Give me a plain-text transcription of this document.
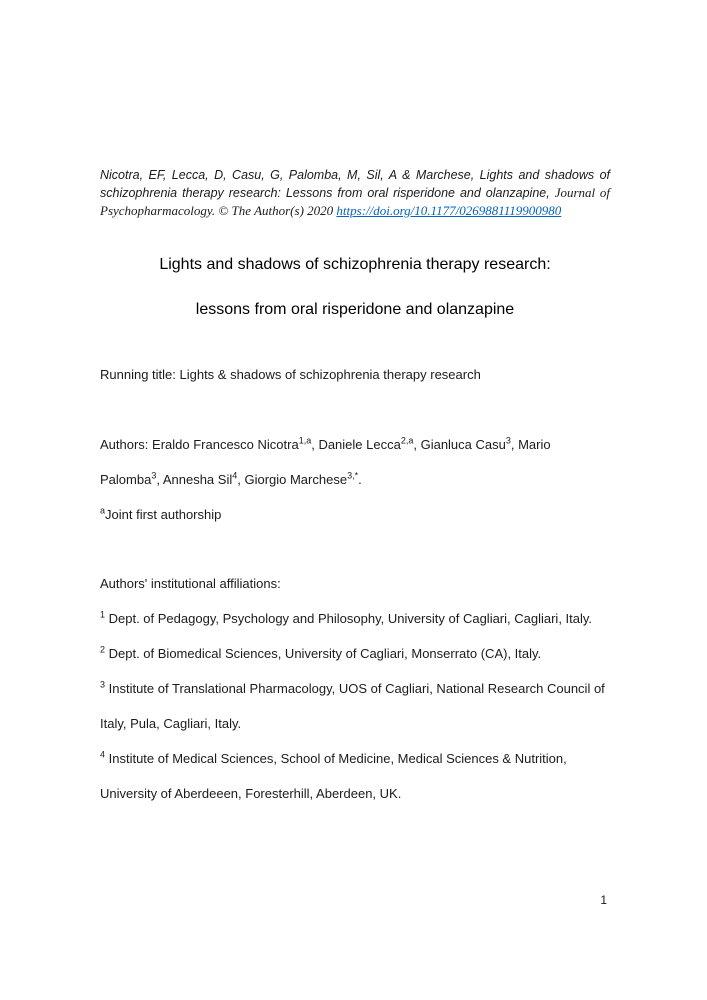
Nicotra, EF, Lecca, D, Casu, G, Palomba, M, Sil, A & Marchese, Lights and shadows of schizophrenia therapy research: Lessons from oral risperidone and olanzapine, Journal of Psychopharmacology. © The Author(s) 2020 https://doi.org/10.1177/0269881119900980
Lights and shadows of schizophrenia therapy research:
lessons from oral risperidone and olanzapine

Running title: Lights & shadows of schizophrenia therapy research

Authors: Eraldo Francesco Nicotra$^{1,a}$, Daniele Lecca$^{2,a}$, Gianluca Casu$^3$, Mario Palomba$^3$, Annesha Sil$^4$, Giorgio Marchese$^{3,*}$.

$^a$Joint first authorship

Authors' institutional affiliations:

$^1$ Dept. of Pedagogy, Psychology and Philosophy, University of Cagliari, Cagliari, Italy.

$^2$ Dept. of Biomedical Sciences, University of Cagliari, Monserrato (CA), Italy.

$^3$ Institute of Translational Pharmacology, UOS of Cagliari, National Research Council of Italy, Pula, Cagliari, Italy.

$^4$ Institute of Medical Sciences, School of Medicine, Medical Sciences & Nutrition, University of Aberdeeen, Foresterhill, Aberdeen, UK.

1
